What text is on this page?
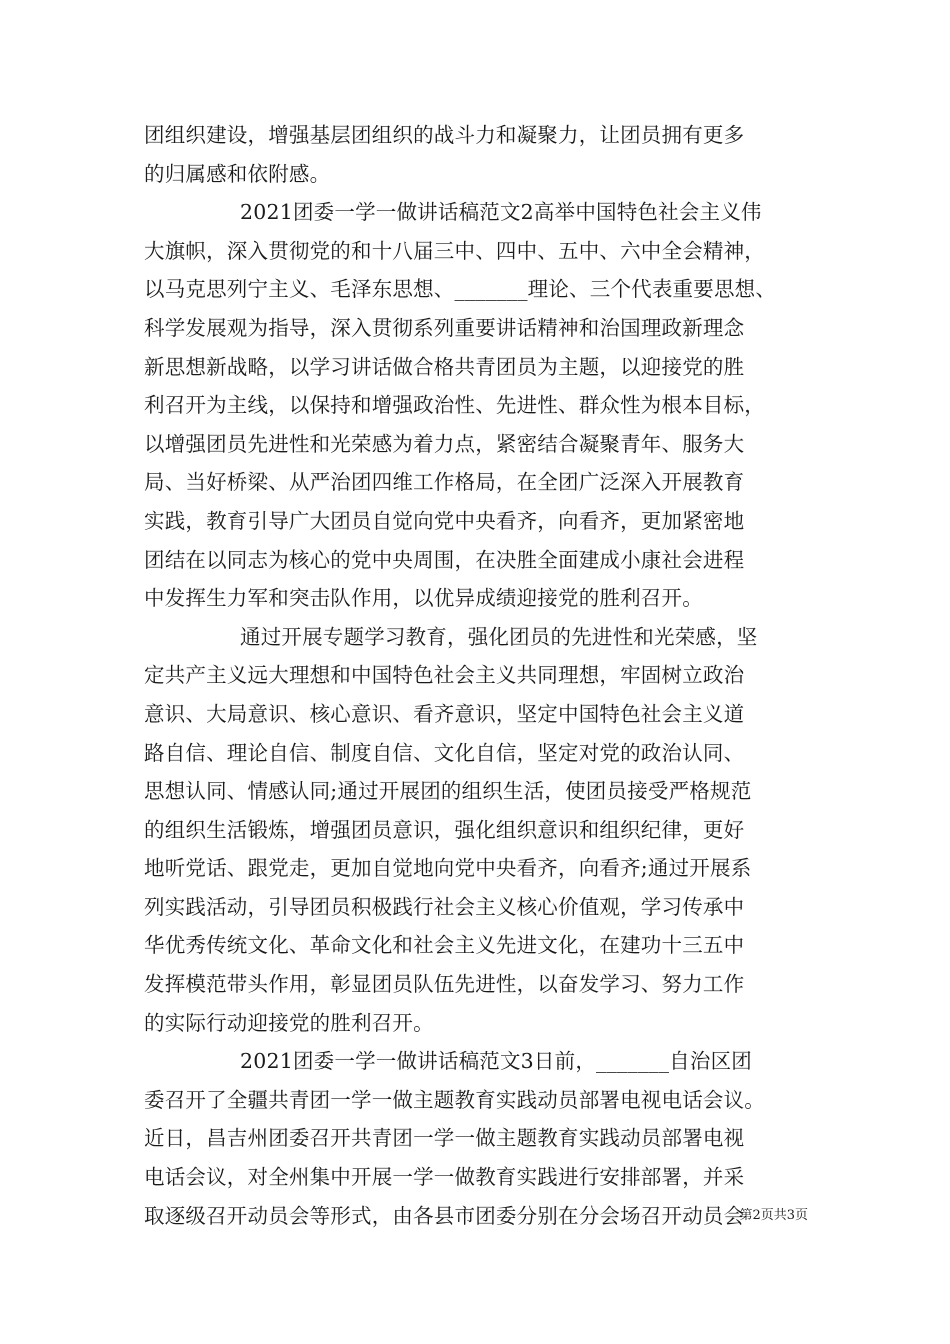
团组织建设，增强基层团组织的战斗力和凝聚力，让团员拥有更多
的归属感和依附感。
2021团委一学一做讲话稿范文2高举中国特色社会主义伟
大旗帜，深入贯彻党的和十八届三中、四中、五中、六中全会精神，
以马克思列宁主义、毛泽东思想、_______理论、三个代表重要思想、
科学发展观为指导，深入贯彻系列重要讲话精神和治国理政新理念
新思想新战略，以学习讲话做合格共青团员为主题，以迎接党的胜
利召开为主线，以保持和增强政治性、先进性、群众性为根本目标，
以增强团员先进性和光荣感为着力点，紧密结合凝聚青年、服务大
局、当好桥梁、从严治团四维工作格局，在全团广泛深入开展教育
实践，教育引导广大团员自觉向党中央看齐，向看齐，更加紧密地
团结在以同志为核心的党中央周围，在决胜全面建成小康社会进程
中发挥生力军和突击队作用，以优异成绩迎接党的胜利召开。
通过开展专题学习教育，强化团员的先进性和光荣感，坚
定共产主义远大理想和中国特色社会主义共同理想，牢固树立政治
意识、大局意识、核心意识、看齐意识，坚定中国特色社会主义道
路自信、理论自信、制度自信、文化自信，坚定对党的政治认同、
思想认同、情感认同;通过开展团的组织生活，使团员接受严格规范
的组织生活锻炼，增强团员意识，强化组织意识和组织纪律，更好
地听党话、跟党走，更加自觉地向党中央看齐，向看齐;通过开展系
列实践活动，引导团员积极践行社会主义核心价值观，学习传承中
华优秀传统文化、革命文化和社会主义先进文化，在建功十三五中
发挥模范带头作用，彰显团员队伍先进性，以奋发学习、努力工作
的实际行动迎接党的胜利召开。
2021团委一学一做讲话稿范文3日前，_______自治区团
委召开了全疆共青团一学一做主题教育实践动员部署电视电话会议。
近日，昌吉州团委召开共青团一学一做主题教育实践动员部署电视
电话会议，对全州集中开展一学一做教育实践进行安排部署，并采
取逐级召开动员会等形式，由各县市团委分别在分会场召开动员会
第2页共3页
